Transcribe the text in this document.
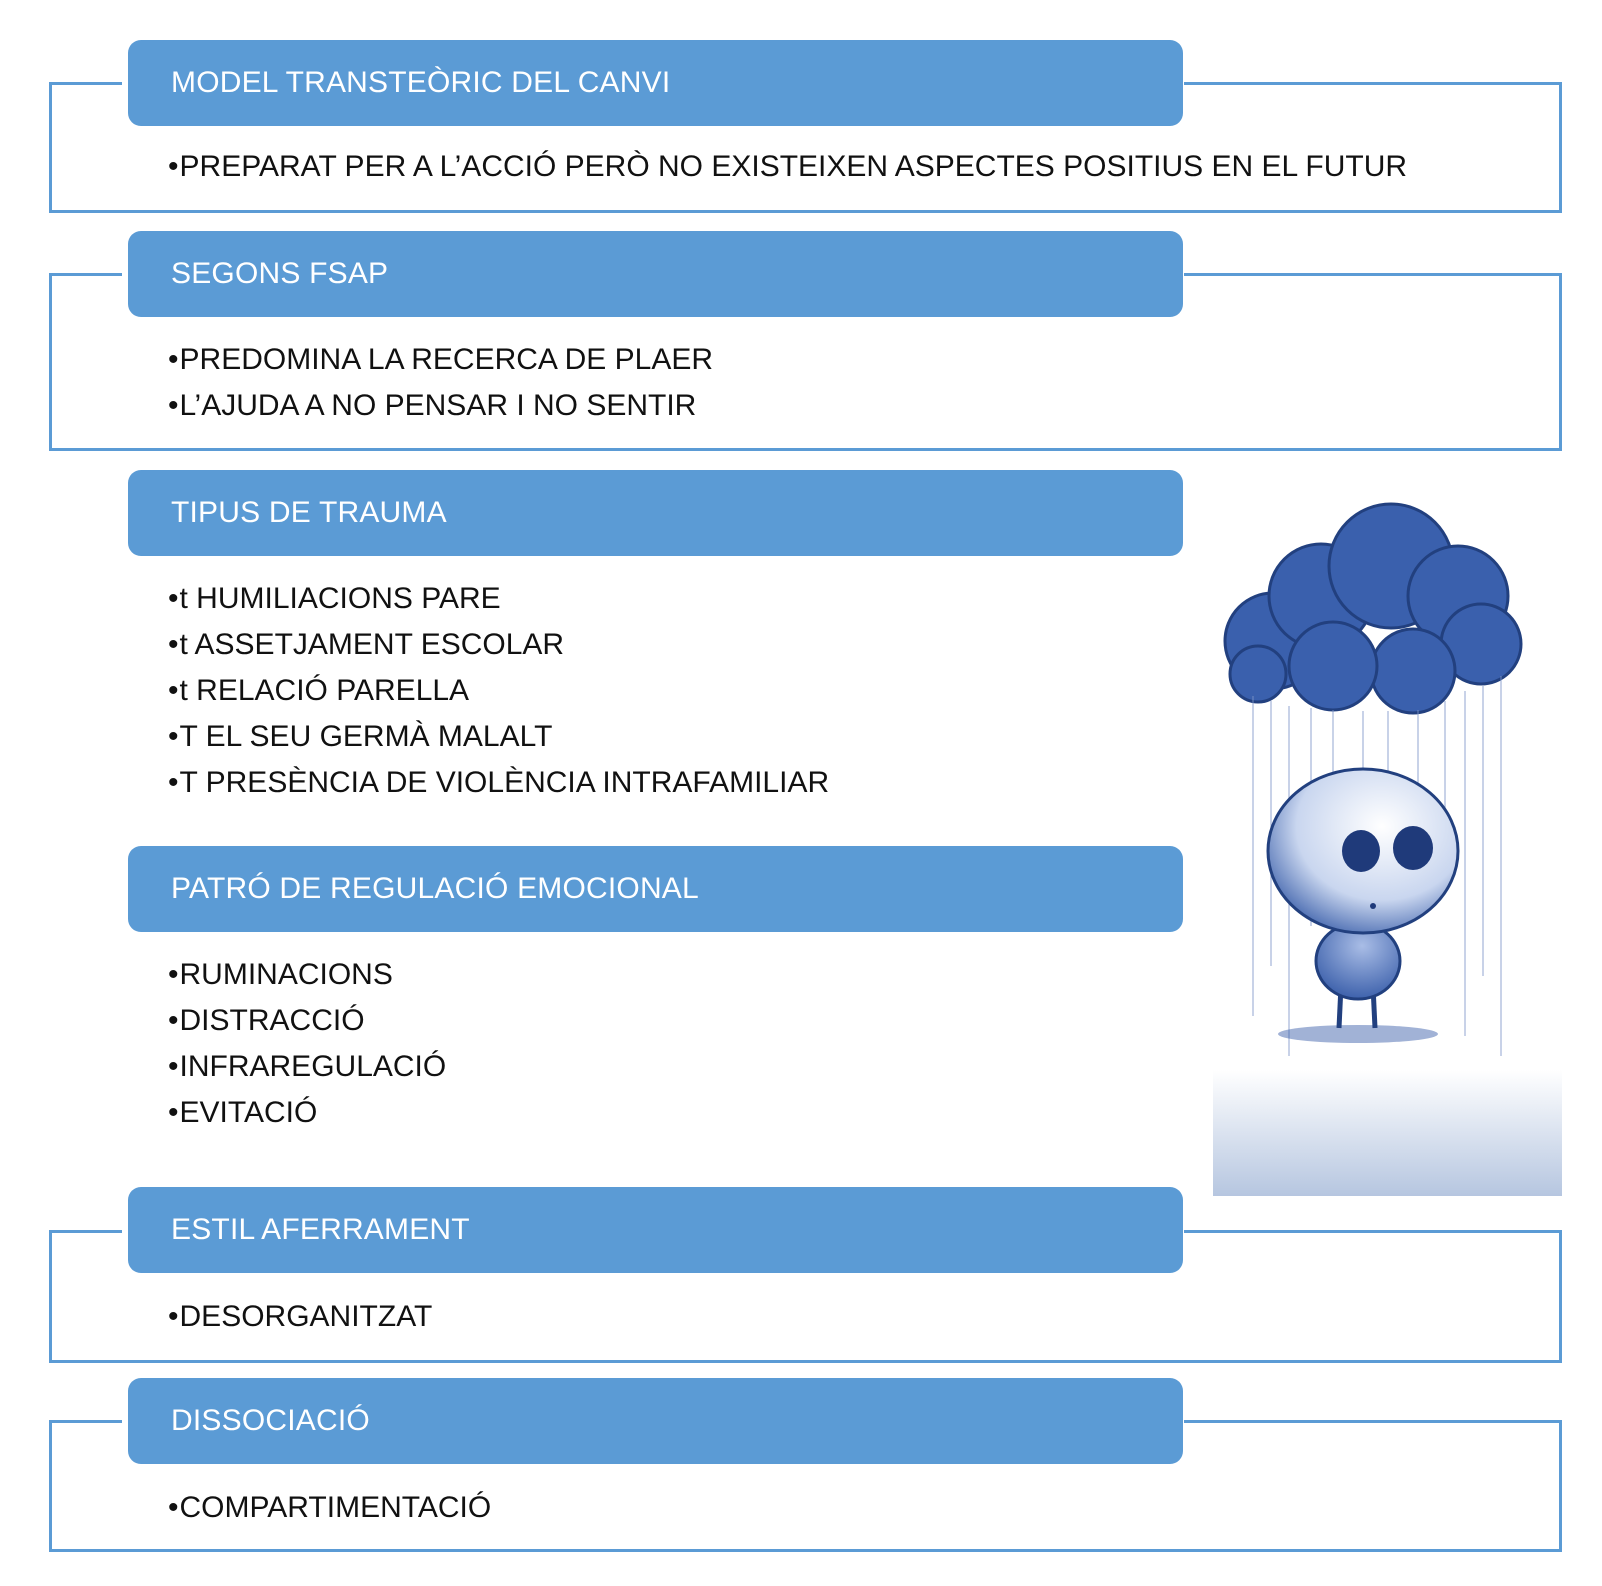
MODEL TRANSTEÒRIC DEL CANVI
• PREPARAT PER A L’ACCIÓ PERÒ NO EXISTEIXEN ASPECTES POSITIUS EN EL FUTUR
SEGONS FSAP
• PREDOMINA LA RECERCA DE PLAER
• L’AJUDA A NO PENSAR I NO SENTIR
TIPUS DE TRAUMA
• t HUMILIACIONS PARE
• t ASSETJAMENT ESCOLAR
• t RELACIÓ PARELLA
• T EL SEU GERMÀ MALALT
• T PRESÈNCIA DE VIOLÈNCIA INTRAFAMILIAR
PATRÓ DE REGULACIÓ EMOCIONAL
• RUMINACIONS
• DISTRACCIÓ
• INFRAREGULACIÓ
• EVITACIÓ
ESTIL AFERRAMENT
• DESORGANITZAT
DISSOCIACIÓ
• COMPARTIMENTACIÓ
